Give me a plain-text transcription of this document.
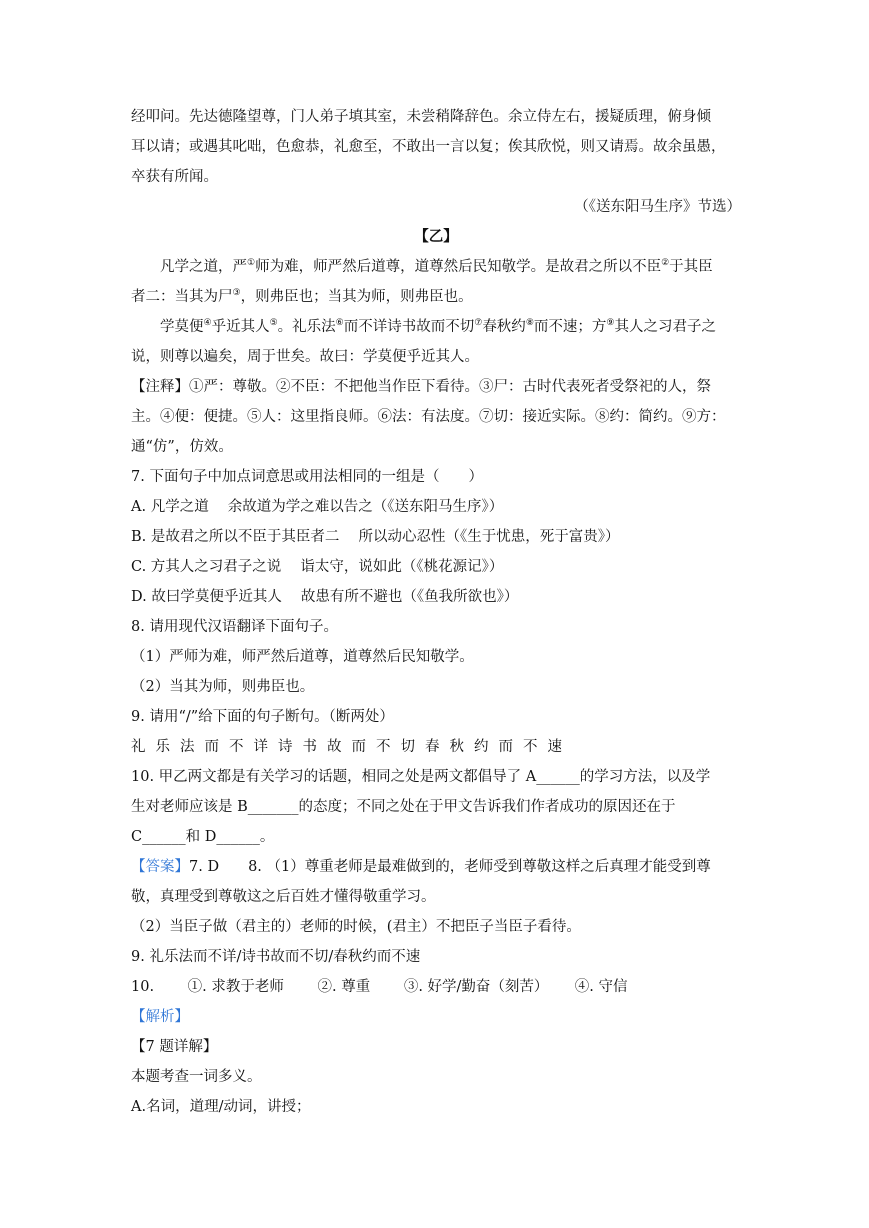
经叩问。先达德隆望尊，门人弟子填其室，未尝稍降辞色。余立侍左右，援疑质理，俯身倾
耳以请；或遇其叱咄，色愈恭，礼愈至，不敢出一言以复；俟其欣悦，则又请焉。故余虽愚，
卒获有所闻。
（《送东阳马生序》节选）
【乙】
凡学之道，严①师为难，师严然后道尊，道尊然后民知敬学。是故君之所以不臣②于其臣
者二：当其为尸③，则弗臣也；当其为师，则弗臣也。
学莫便④乎近其人⑤。礼乐法⑥而不详诗书故而不切⑦春秋约⑧而不速；方⑨其人之习君子之
说，则尊以遍矣，周于世矣。故曰：学莫便乎近其人。
【注释】①严：尊敬。②不臣：不把他当作臣下看待。③尸：古时代表死者受祭祀的人，祭
主。④便：便捷。⑤人：这里指良师。⑥法：有法度。⑦切：接近实际。⑧约：简约。⑨方：
通“仿”，仿效。
7. 下面句子中加点词意思或用法相同的一组是（　　）
A. 凡学之道　 余故道为学之难以告之（《送东阳马生序》）
B. 是故君之所以不臣于其臣者二　 所以动心忍性（《生于忧患，死于富贵》）
C. 方其人之习君子之说　 诣太守，说如此（《桃花源记》）
D. 故曰学莫便乎近其人　 故患有所不避也（《鱼我所欲也》）
8. 请用现代汉语翻译下面句子。
（1）严师为难，师严然后道尊，道尊然后民知敬学。
（2）当其为师，则弗臣也。
9. 请用“/”给下面的句子断句。（断两处）
礼乐法而不详诗书故而不切春秋约而不速
10. 甲乙两文都是有关学习的话题，相同之处是两文都倡导了 A______的学习方法，以及学
生对老师应该是 B_______的态度；不同之处在于甲文告诉我们作者成功的原因还在于
C______和 D______。
【答案】7. D　　8. （1）尊重老师是最难做到的，老师受到尊敬这样之后真理才能受到尊
敬，真理受到尊敬这之后百姓才懂得敬重学习。
（2）当臣子做（君主的）老师的时候，(君主）不把臣子当臣子看待。
9. 礼乐法而不详/诗书故而不切/春秋约而不速
10.　　 ①. 求教于老师　　 ②. 尊重　　 ③. 好学/勤奋（刻苦）　　 ④. 守信
【解析】
【7 题详解】
本题考查一词多义。
A.名词，道理/动词，讲授；
